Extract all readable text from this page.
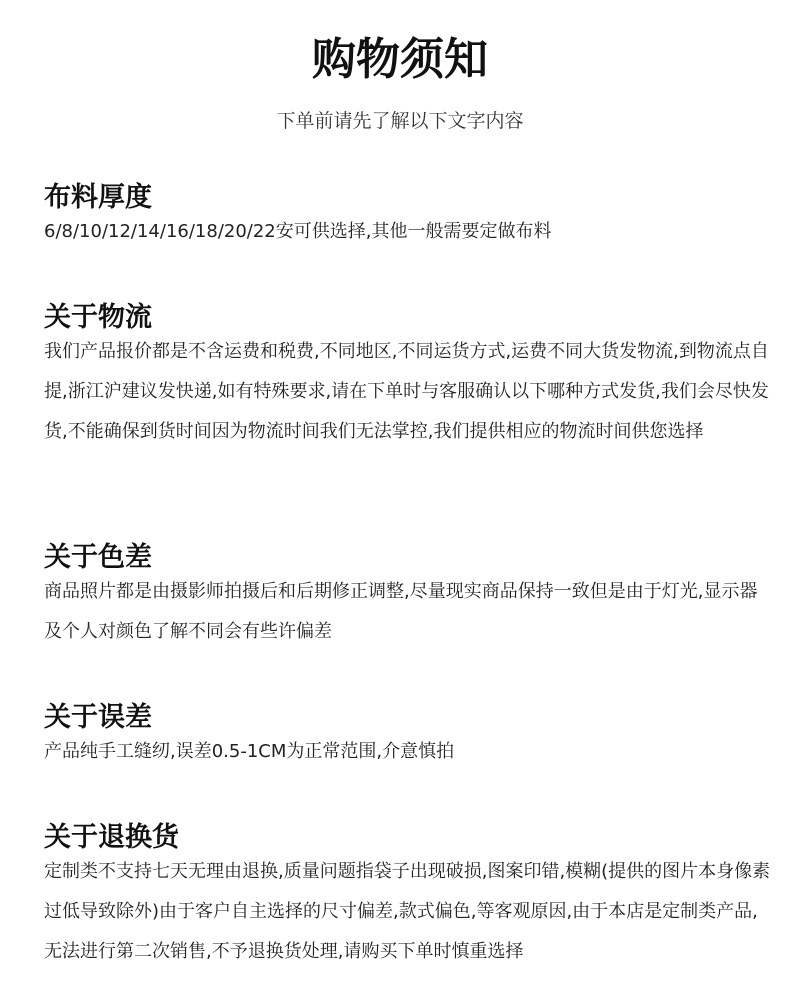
购物须知

下单前请先了解以下文字内容

布料厚度

6/8/10/12/14/16/18/20/22安可供选择,其他一般需要定做布料

关于物流

我们产品报价都是不含运费和税费,不同地区,不同运货方式,运费不同大货发物流,到物流点自提,浙江沪建议发快递,如有特殊要求,请在下单时与客服确认以下哪种方式发货,我们会尽快发货,不能确保到货时间因为物流时间我们无法掌控,我们提供相应的物流时间供您选择

关于色差

商品照片都是由摄影师拍摄后和后期修正调整,尽量现实商品保持一致但是由于灯光,显示器及个人对颜色了解不同会有些许偏差

关于误差

产品纯手工缝纫,误差0.5-1CM为正常范围,介意慎拍

关于退换货

定制类不支持七天无理由退换,质量问题指袋子出现破损,图案印错,模糊(提供的图片本身像素过低导致除外)由于客户自主选择的尺寸偏差,款式偏色,等客观原因,由于本店是定制类产品,无法进行第二次销售,不予退换货处理,请购买下单时慎重选择
